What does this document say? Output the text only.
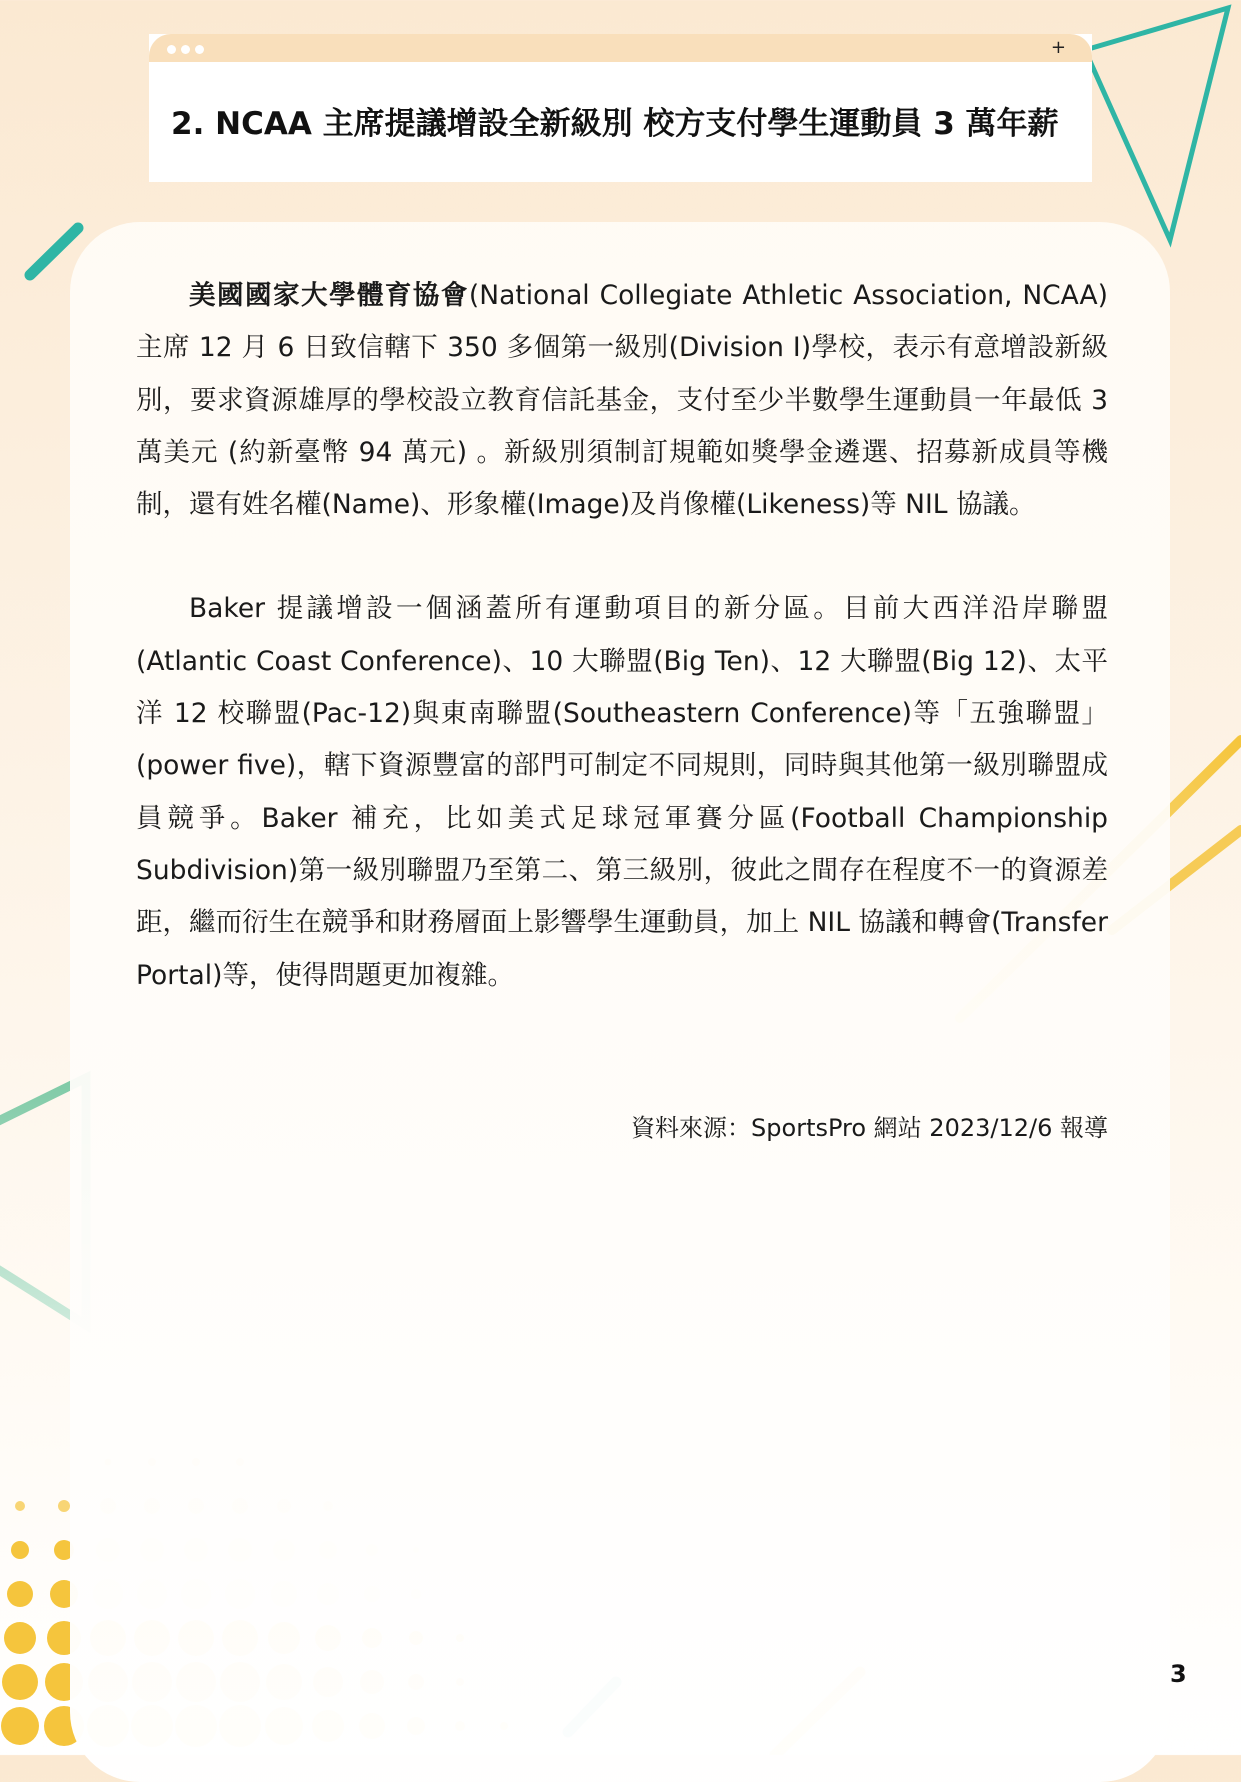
+
2. NCAA 主席提議增設全新級別 校方支付學生運動員 3 萬年薪

美國國家大學體育協會(National Collegiate Athletic Association, NCAA)主席 12 月 6 日致信轄下 350 多個第一級別(Division I)學校，表示有意增設新級別，要求資源雄厚的學校設立教育信託基金，支付至少半數學生運動員一年最低 3 萬美元 (約新臺幣 94 萬元) 。新級別須制訂規範如獎學金遴選、招募新成員等機制，還有姓名權(Name)、形象權(Image)及肖像權(Likeness)等 NIL 協議。

Baker 提議增設一個涵蓋所有運動項目的新分區。目前大西洋沿岸聯盟(Atlantic Coast Conference)、10 大聯盟(Big Ten)、12 大聯盟(Big 12)、太平洋 12 校聯盟(Pac-12)與東南聯盟(Southeastern Conference)等「五強聯盟」(power five)，轄下資源豐富的部門可制定不同規則，同時與其他第一級別聯盟成員競爭。Baker 補充，比如美式足球冠軍賽分區(Football Championship Subdivision)第一級別聯盟乃至第二、第三級別，彼此之間存在程度不一的資源差距，繼而衍生在競爭和財務層面上影響學生運動員，加上 NIL 協議和轉會(Transfer Portal)等，使得問題更加複雜。

資料來源：SportsPro 網站 2023/12/6 報導
3
